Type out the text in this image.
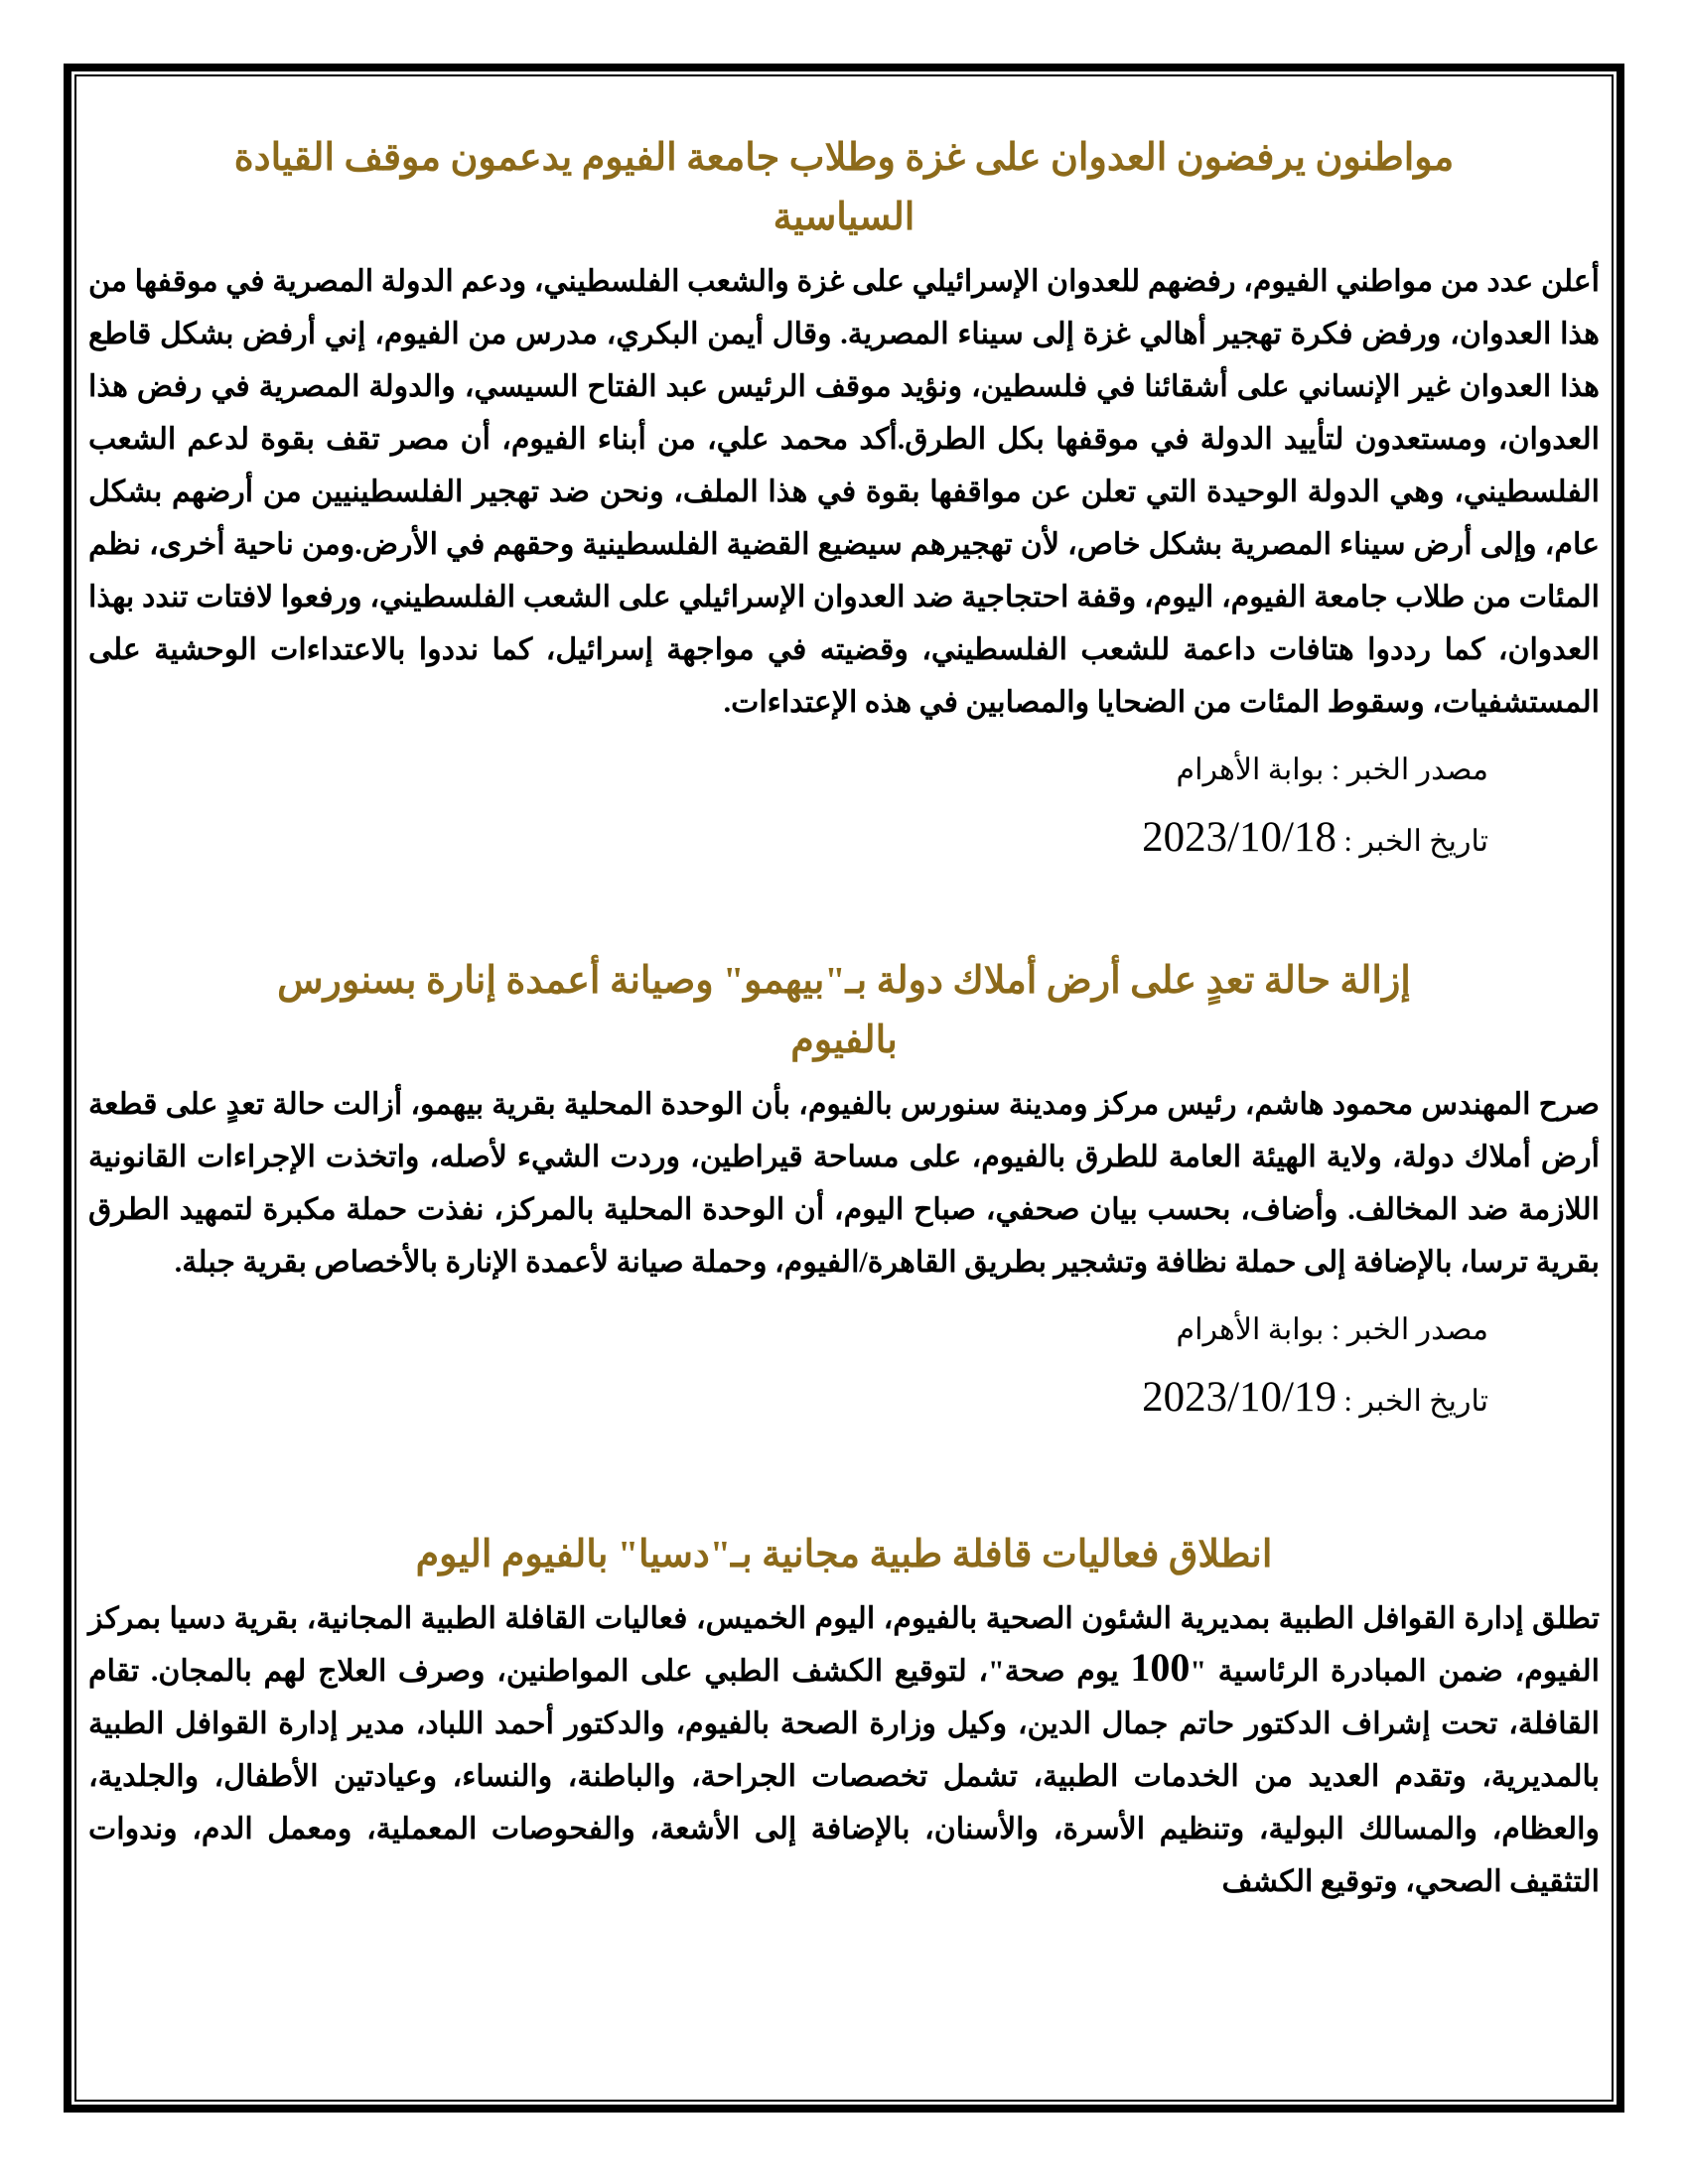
مواطنون يرفضون العدوان على غزة وطلاب جامعة الفيوم يدعمون موقف القيادة
السياسية

أعلن عدد من مواطني الفيوم، رفضهم للعدوان الإسرائيلي على غزة والشعب الفلسطيني، ودعم الدولة المصرية في موقفها من هذا العدوان، ورفض فكرة تهجير أهالي غزة إلى سيناء المصرية. وقال أيمن البكري، مدرس من الفيوم، إني أرفض بشكل قاطع هذا العدوان غير الإنساني على أشقائنا في فلسطين، ونؤيد موقف الرئيس عبد الفتاح السيسي، والدولة المصرية في رفض هذا العدوان، ومستعدون لتأييد الدولة في موقفها بكل الطرق.أكد محمد علي، من أبناء الفيوم، أن مصر تقف بقوة لدعم الشعب الفلسطيني، وهي الدولة الوحيدة التي تعلن عن مواقفها بقوة في هذا الملف، ونحن ضد تهجير الفلسطينيين من أرضهم بشكل عام، وإلى أرض سيناء المصرية بشكل خاص، لأن تهجيرهم سيضيع القضية الفلسطينية وحقهم في الأرض.ومن ناحية أخرى، نظم المئات من طلاب جامعة الفيوم، اليوم، وقفة احتجاجية ضد العدوان الإسرائيلي على الشعب الفلسطيني، ورفعوا لافتات تندد بهذا العدوان، كما رددوا هتافات داعمة للشعب الفلسطيني، وقضيته في مواجهة إسرائيل، كما نددوا بالاعتداءات الوحشية على المستشفيات، وسقوط المئات من الضحايا والمصابين في هذه الإعتداءات.

مصدر الخبر : بوابة الأهرام

تاريخ الخبر : 2023/10/18

إزالة حالة تعدٍ على أرض أملاك دولة بـ"بيهمو" وصيانة أعمدة إنارة بسنورس
بالفيوم

صرح المهندس محمود هاشم، رئيس مركز ومدينة سنورس بالفيوم، بأن الوحدة المحلية بقرية بيهمو، أزالت حالة تعدٍ على قطعة أرض أملاك دولة، ولاية الهيئة العامة للطرق بالفيوم، على مساحة قيراطين، وردت الشيء لأصله، واتخذت الإجراءات القانونية اللازمة ضد المخالف. وأضاف، بحسب بيان صحفي، صباح اليوم، أن الوحدة المحلية بالمركز، نفذت حملة مكبرة لتمهيد الطرق بقرية ترسا، بالإضافة إلى حملة نظافة وتشجير بطريق القاهرة/الفيوم، وحملة صيانة لأعمدة الإنارة بالأخصاص بقرية جبلة.

مصدر الخبر : بوابة الأهرام

تاريخ الخبر : 2023/10/19

انطلاق فعاليات قافلة طبية مجانية بـ"دسيا" بالفيوم اليوم

تطلق إدارة القوافل الطبية بمديرية الشئون الصحية بالفيوم، اليوم الخميس، فعاليات القافلة الطبية المجانية، بقرية دسيا بمركز الفيوم، ضمن المبادرة الرئاسية "100 يوم صحة"، لتوقيع الكشف الطبي على المواطنين، وصرف العلاج لهم بالمجان. تقام القافلة، تحت إشراف الدكتور حاتم جمال الدين، وكيل وزارة الصحة بالفيوم، والدكتور أحمد اللباد، مدير إدارة القوافل الطبية بالمديرية، وتقدم العديد من الخدمات الطبية، تشمل تخصصات الجراحة، والباطنة، والنساء، وعيادتين الأطفال، والجلدية، والعظام، والمسالك البولية، وتنظيم الأسرة، والأسنان، بالإضافة إلى الأشعة، والفحوصات المعملية، ومعمل الدم، وندوات التثقيف الصحي، وتوقيع الكشف
